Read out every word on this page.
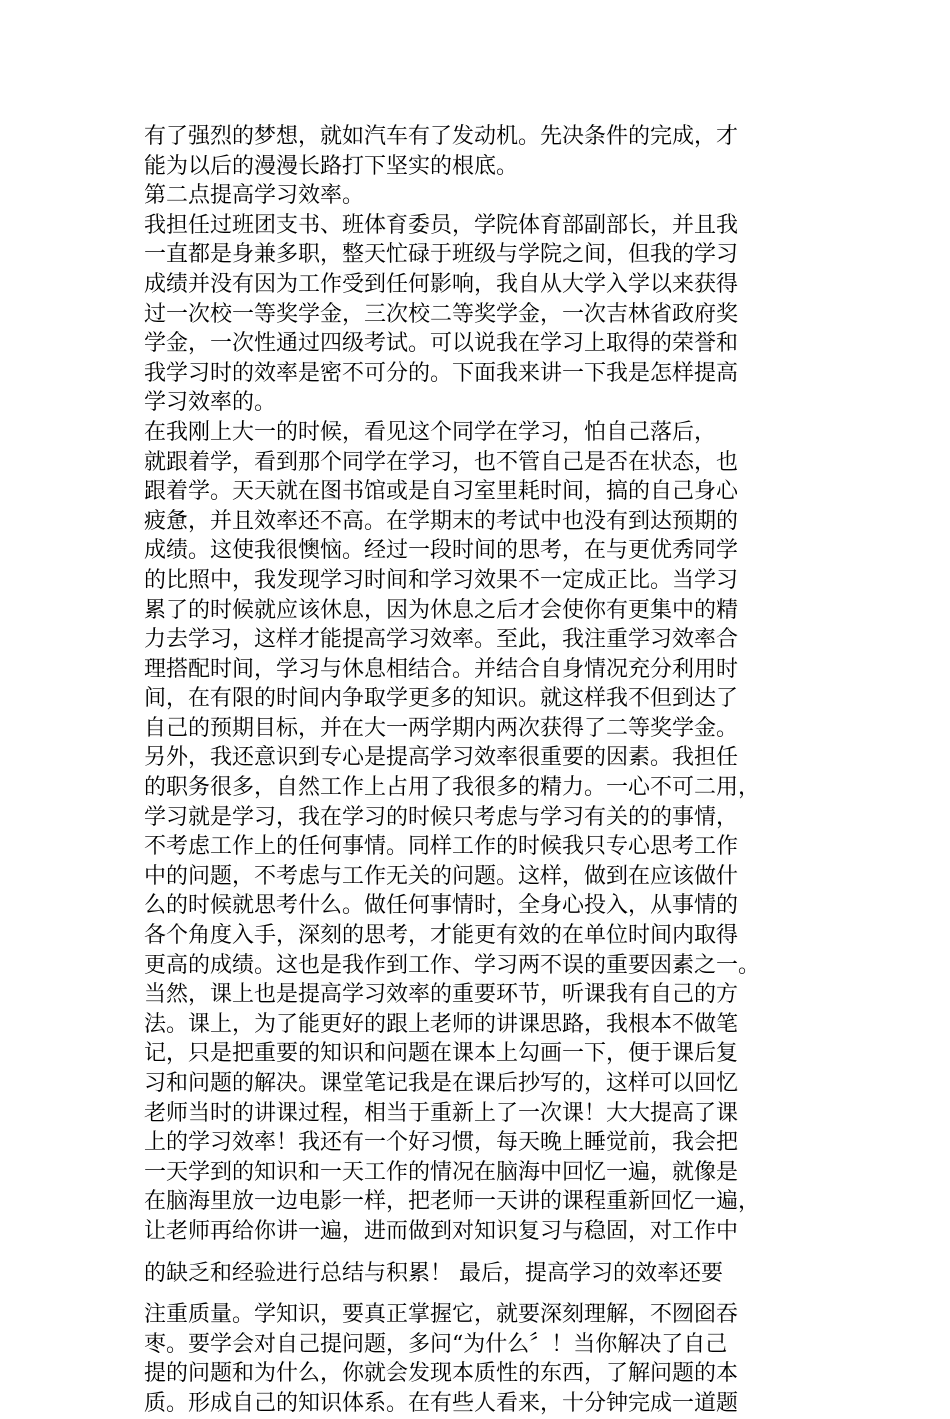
有了强烈的梦想，就如汽车有了发动机。先决条件的完成，才
能为以后的漫漫长路打下坚实的根底。
第二点提高学习效率。
我担任过班团支书、班体育委员，学院体育部副部长，并且我
一直都是身兼多职，整天忙碌于班级与学院之间，但我的学习
成绩并没有因为工作受到任何影响，我自从大学入学以来获得
过一次校一等奖学金，三次校二等奖学金，一次吉林省政府奖
学金，一次性通过四级考试。可以说我在学习上取得的荣誉和
我学习时的效率是密不可分的。下面我来讲一下我是怎样提高
学习效率的。
在我刚上大一的时候，看见这个同学在学习，怕自己落后，
就跟着学，看到那个同学在学习，也不管自己是否在状态，也
跟着学。天天就在图书馆或是自习室里耗时间，搞的自己身心
疲惫，并且效率还不高。在学期末的考试中也没有到达预期的
成绩。这使我很懊恼。经过一段时间的思考，在与更优秀同学
的比照中，我发现学习时间和学习效果不一定成正比。当学习
累了的时候就应该休息，因为休息之后才会使你有更集中的精
力去学习，这样才能提高学习效率。至此，我注重学习效率合
理搭配时间，学习与休息相结合。并结合自身情况充分利用时
间，在有限的时间内争取学更多的知识。就这样我不但到达了
自己的预期目标，并在大一两学期内两次获得了二等奖学金。
另外，我还意识到专心是提高学习效率很重要的因素。我担任
的职务很多，自然工作上占用了我很多的精力。一心不可二用，
学习就是学习，我在学习的时候只考虑与学习有关的的事情，
不考虑工作上的任何事情。同样工作的时候我只专心思考工作
中的问题，不考虑与工作无关的问题。这样，做到在应该做什
么的时候就思考什么。做任何事情时，全身心投入，从事情的
各个角度入手，深刻的思考，才能更有效的在单位时间内取得
更高的成绩。这也是我作到工作、学习两不误的重要因素之一。
当然，课上也是提高学习效率的重要环节，听课我有自己的方
法。课上，为了能更好的跟上老师的讲课思路，我根本不做笔
记，只是把重要的知识和问题在课本上勾画一下，便于课后复
习和问题的解决。课堂笔记我是在课后抄写的，这样可以回忆
老师当时的讲课过程，相当于重新上了一次课！大大提高了课
上的学习效率！我还有一个好习惯，每天晚上睡觉前，我会把
一天学到的知识和一天工作的情况在脑海中回忆一遍，就像是
在脑海里放一边电影一样，把老师一天讲的课程重新回忆一遍，
让老师再给你讲一遍，进而做到对知识复习与稳固，对工作中
的缺乏和经验进行总结与积累！ 最后，提高学习的效率还要
注重质量。学知识，要真正掌握它，就要深刻理解，不囫囵吞
枣。要学会对自己提问题，多问“为什么〞！当你解决了自己
提的问题和为什么，你就会发现本质性的东西，了解问题的本
质。形成自己的知识体系。在有些人看来，十分钟完成一道题
